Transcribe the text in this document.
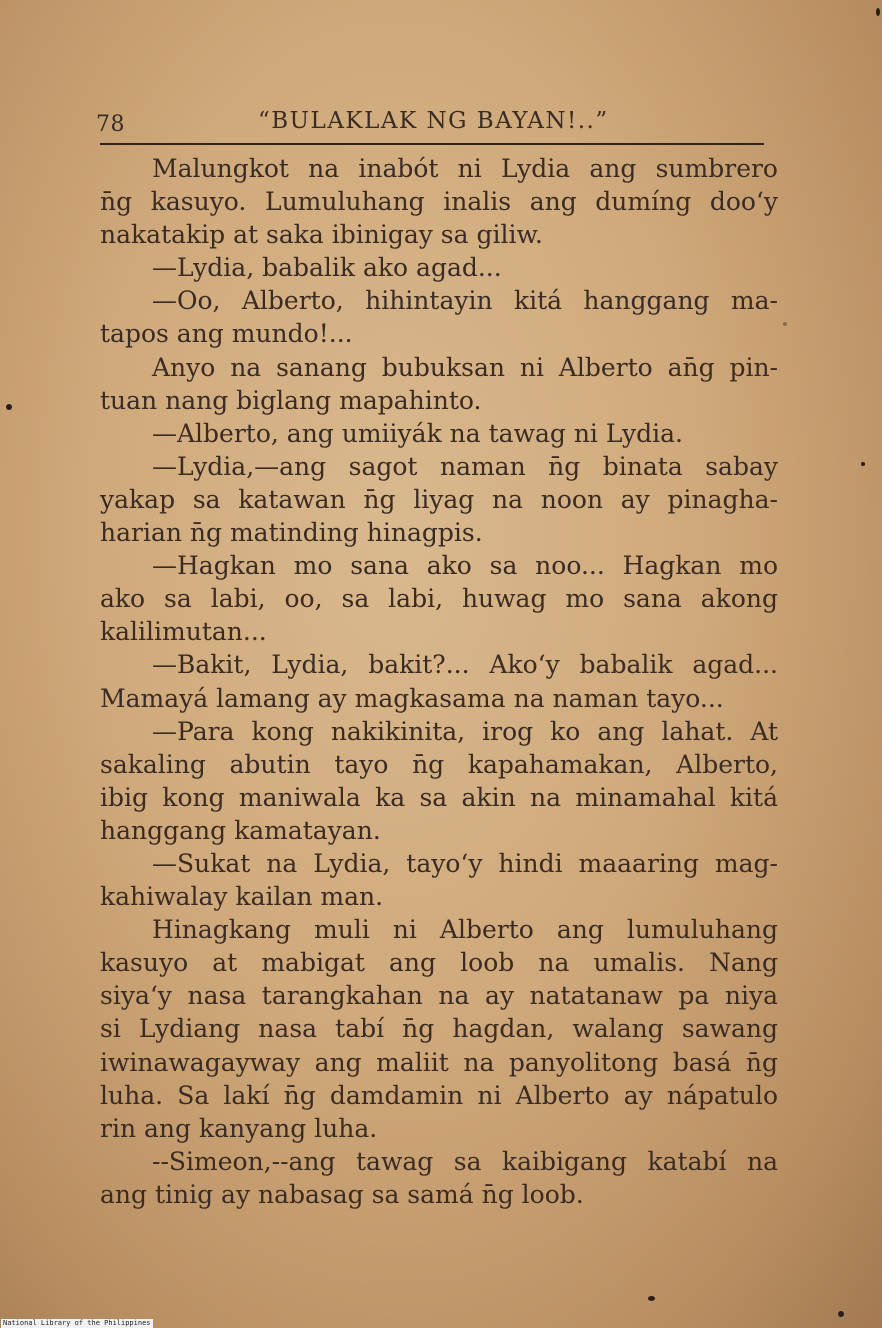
78	“BULAKLAK NG BAYAN!..”
Malungkot na inabót ni Lydia ang sumbrero
n̄g kasuyo. Lumuluhang inalis ang dumíng doo‘y
nakatakip at saka ibinigay sa giliw.
—Lydia, babalik ako agad...
—Oo, Alberto, hihintayin kitá hanggang ma-
tapos ang mundo!...
Anyo na sanang bubuksan ni Alberto an̄g pin-
tuan nang biglang mapahinto.
—Alberto, ang umiiyák na tawag ni Lydia.
—Lydia,—ang sagot naman n̄g binata sabay
yakap sa katawan n̄g liyag na noon ay pinagha-
harian n̄g matinding hinagpis.
—Hagkan mo sana ako sa noo... Hagkan mo
ako sa labi, oo, sa labi, huwag mo sana akong
kalilimutan...
—Bakit, Lydia, bakit?... Ako‘y babalik agad...
Mamayá lamang ay magkasama na naman tayo...
—Para kong nakikinita, irog ko ang lahat. At
sakaling abutin tayo n̄g kapahamakan, Alberto,
ibig kong maniwala ka sa akin na minamahal kitá
hanggang kamatayan.
—Sukat na Lydia, tayo‘y hindi maaaring mag-
kahiwalay kailan man.
Hinagkang muli ni Alberto ang lumuluhang
kasuyo at mabigat ang loob na umalis. Nang
siya‘y nasa tarangkahan na ay natatanaw pa niya
si Lydiang nasa tabí n̄g hagdan, walang sawang
iwinawagayway ang maliit na panyolitong basá n̄g
luha. Sa lakí n̄g damdamin ni Alberto ay nápatulo
rin ang kanyang luha.
--Simeon,--ang tawag sa kaibigang katabí na
ang tinig ay nabasag sa samá n̄g loob.
National Library of the Philippines
